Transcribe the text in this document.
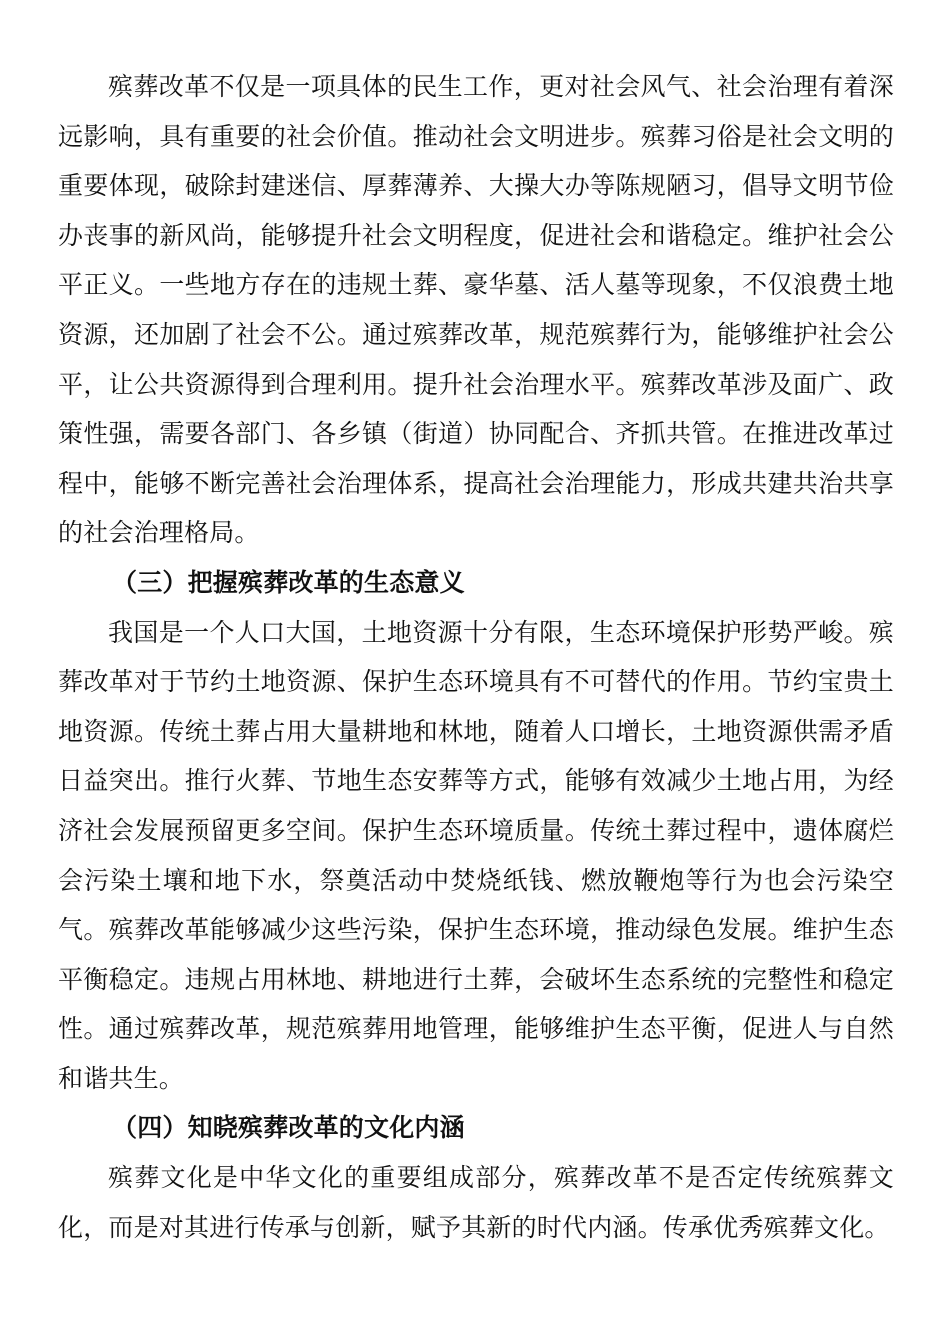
殡葬改革不仅是一项具体的民生工作，更对社会风气、社会治理有着深远影响，具有重要的社会价值。推动社会文明进步。殡葬习俗是社会文明的重要体现，破除封建迷信、厚葬薄养、大操大办等陈规陋习，倡导文明节俭办丧事的新风尚，能够提升社会文明程度，促进社会和谐稳定。维护社会公平正义。一些地方存在的违规土葬、豪华墓、活人墓等现象，不仅浪费土地资源，还加剧了社会不公。通过殡葬改革，规范殡葬行为，能够维护社会公平，让公共资源得到合理利用。提升社会治理水平。殡葬改革涉及面广、政策性强，需要各部门、各乡镇（街道）协同配合、齐抓共管。在推进改革过程中，能够不断完善社会治理体系，提高社会治理能力，形成共建共治共享的社会治理格局。

（三）把握殡葬改革的生态意义

我国是一个人口大国，土地资源十分有限，生态环境保护形势严峻。殡葬改革对于节约土地资源、保护生态环境具有不可替代的作用。节约宝贵土地资源。传统土葬占用大量耕地和林地，随着人口增长，土地资源供需矛盾日益突出。推行火葬、节地生态安葬等方式，能够有效减少土地占用，为经济社会发展预留更多空间。保护生态环境质量。传统土葬过程中，遗体腐烂会污染土壤和地下水，祭奠活动中焚烧纸钱、燃放鞭炮等行为也会污染空气。殡葬改革能够减少这些污染，保护生态环境，推动绿色发展。维护生态平衡稳定。违规占用林地、耕地进行土葬，会破坏生态系统的完整性和稳定性。通过殡葬改革，规范殡葬用地管理，能够维护生态平衡，促进人与自然和谐共生。

（四）知晓殡葬改革的文化内涵

殡葬文化是中华文化的重要组成部分，殡葬改革不是否定传统殡葬文化，而是对其进行传承与创新，赋予其新的时代内涵。传承优秀殡葬文化。
